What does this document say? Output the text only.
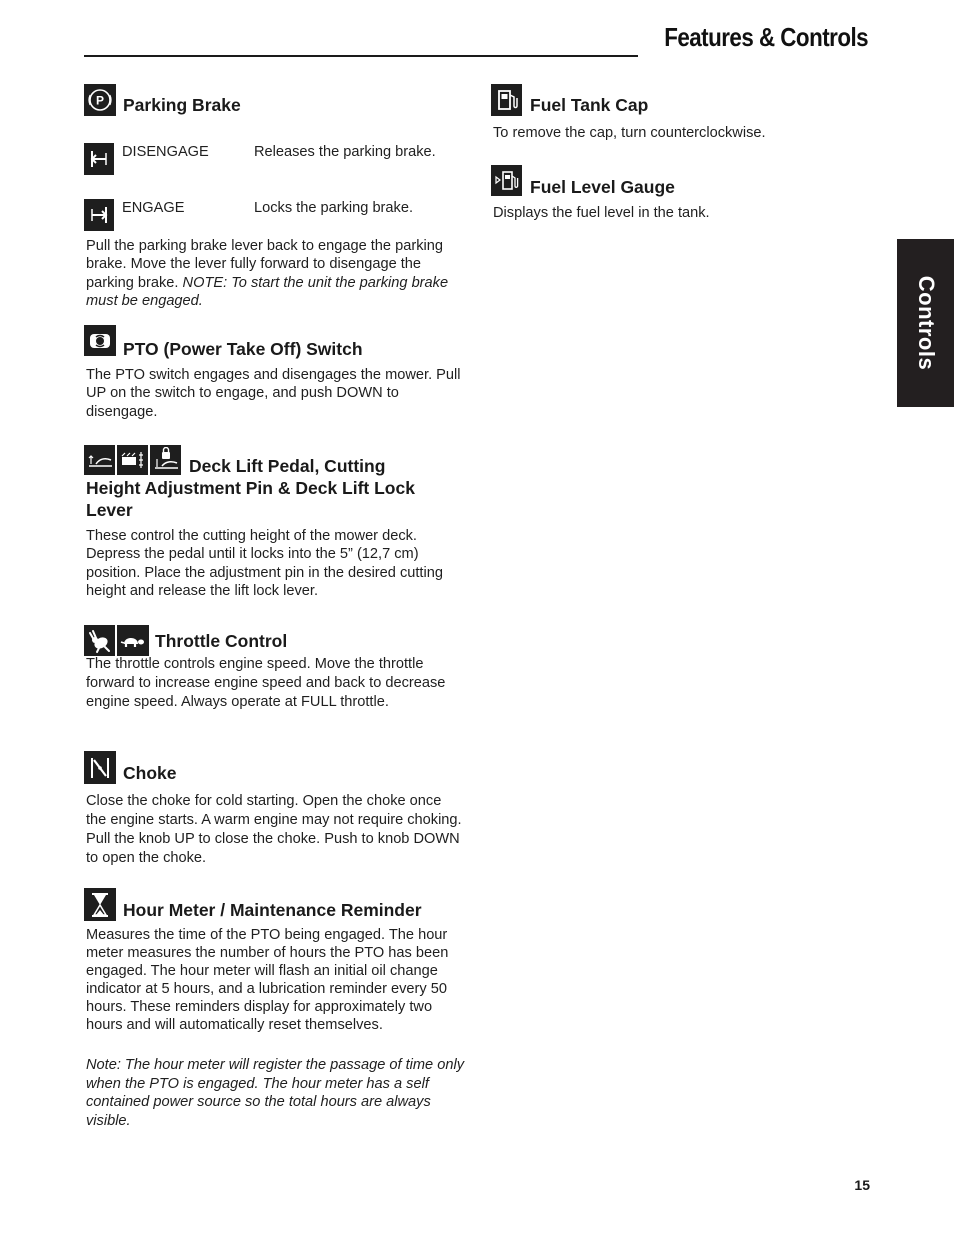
Features & Controls
Controls
P Parking Brake
DISENGAGE	Releases the parking brake.
ENGAGE	Locks the parking brake.
Pull the parking brake lever back to engage the parking brake. Move the lever fully forward to disengage the parking brake. NOTE: To start the unit the parking brake must be engaged.
PTO (Power Take Off) Switch
The PTO switch engages and disengages the mower. Pull UP on the switch to engage, and push DOWN to disengage.
Deck Lift Pedal, Cutting
Height Adjustment Pin & Deck Lift Lock Lever
These control the cutting height of the mower deck. Depress the pedal until it locks into the 5” (12,7 cm) position. Place the adjustment pin in the desired cutting height and release the lift lock lever.
Throttle Control
The throttle controls engine speed. Move the throttle forward to increase engine speed and back to decrease engine speed. Always operate at FULL throttle.
Choke
Close the choke for cold starting. Open the choke once the engine starts. A warm engine may not require choking. Pull the knob UP to close the choke. Push to knob DOWN to open the choke.
Hour Meter / Maintenance Reminder
Measures the time of the PTO being engaged. The hour meter measures the number of hours the PTO has been engaged. The hour meter will flash an initial oil change indicator at 5 hours, and a lubrication reminder every 50 hours. These reminders display for approximately two hours and will automatically reset themselves.
Note: The hour meter will register the passage of time only when the PTO is engaged. The hour meter has a self contained power source so the total hours are always visible.
Fuel Tank Cap
To remove the cap, turn counterclockwise.
Fuel Level Gauge
Displays the fuel level in the tank.
15
